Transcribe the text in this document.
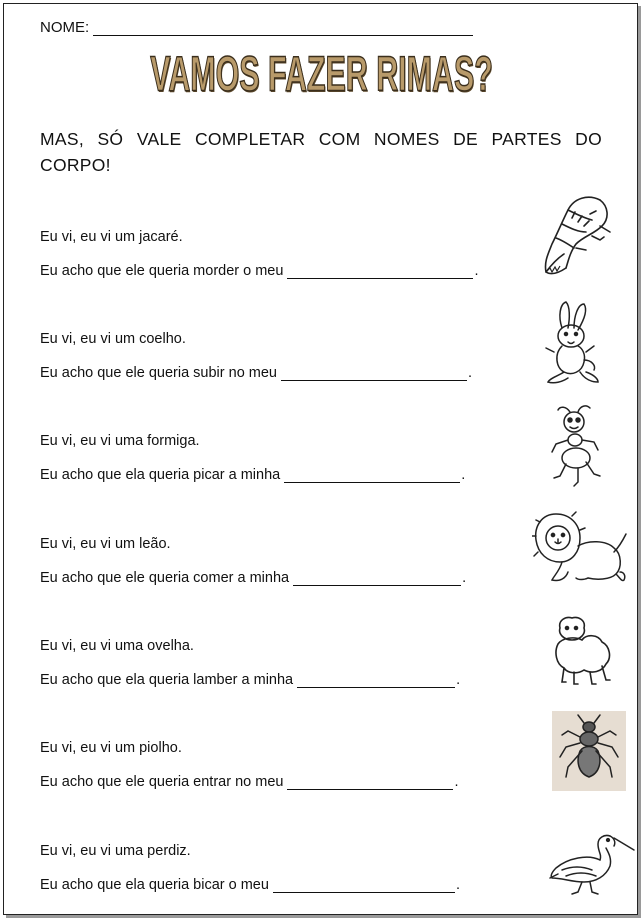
NOME:
VAMOS FAZER RIMAS?
MAS, SÓ VALE COMPLETAR COM NOMES DE PARTES DO CORPO!
Eu vi, eu vi um jacaré.
Eu acho que ele queria morder o meu	.
Eu vi, eu vi um coelho.
Eu acho que ele queria subir no meu	.
Eu vi, eu vi uma formiga.
Eu acho que ela queria picar a minha	.
Eu vi, eu vi um leão.
Eu acho que ele queria comer a minha	.
Eu vi, eu vi uma ovelha.
Eu acho que ela queria lamber a minha	.
Eu vi, eu vi um piolho.
Eu acho que ele queria entrar no meu	.
Eu vi, eu vi uma perdiz.
Eu acho que ela queria bicar o meu	.
